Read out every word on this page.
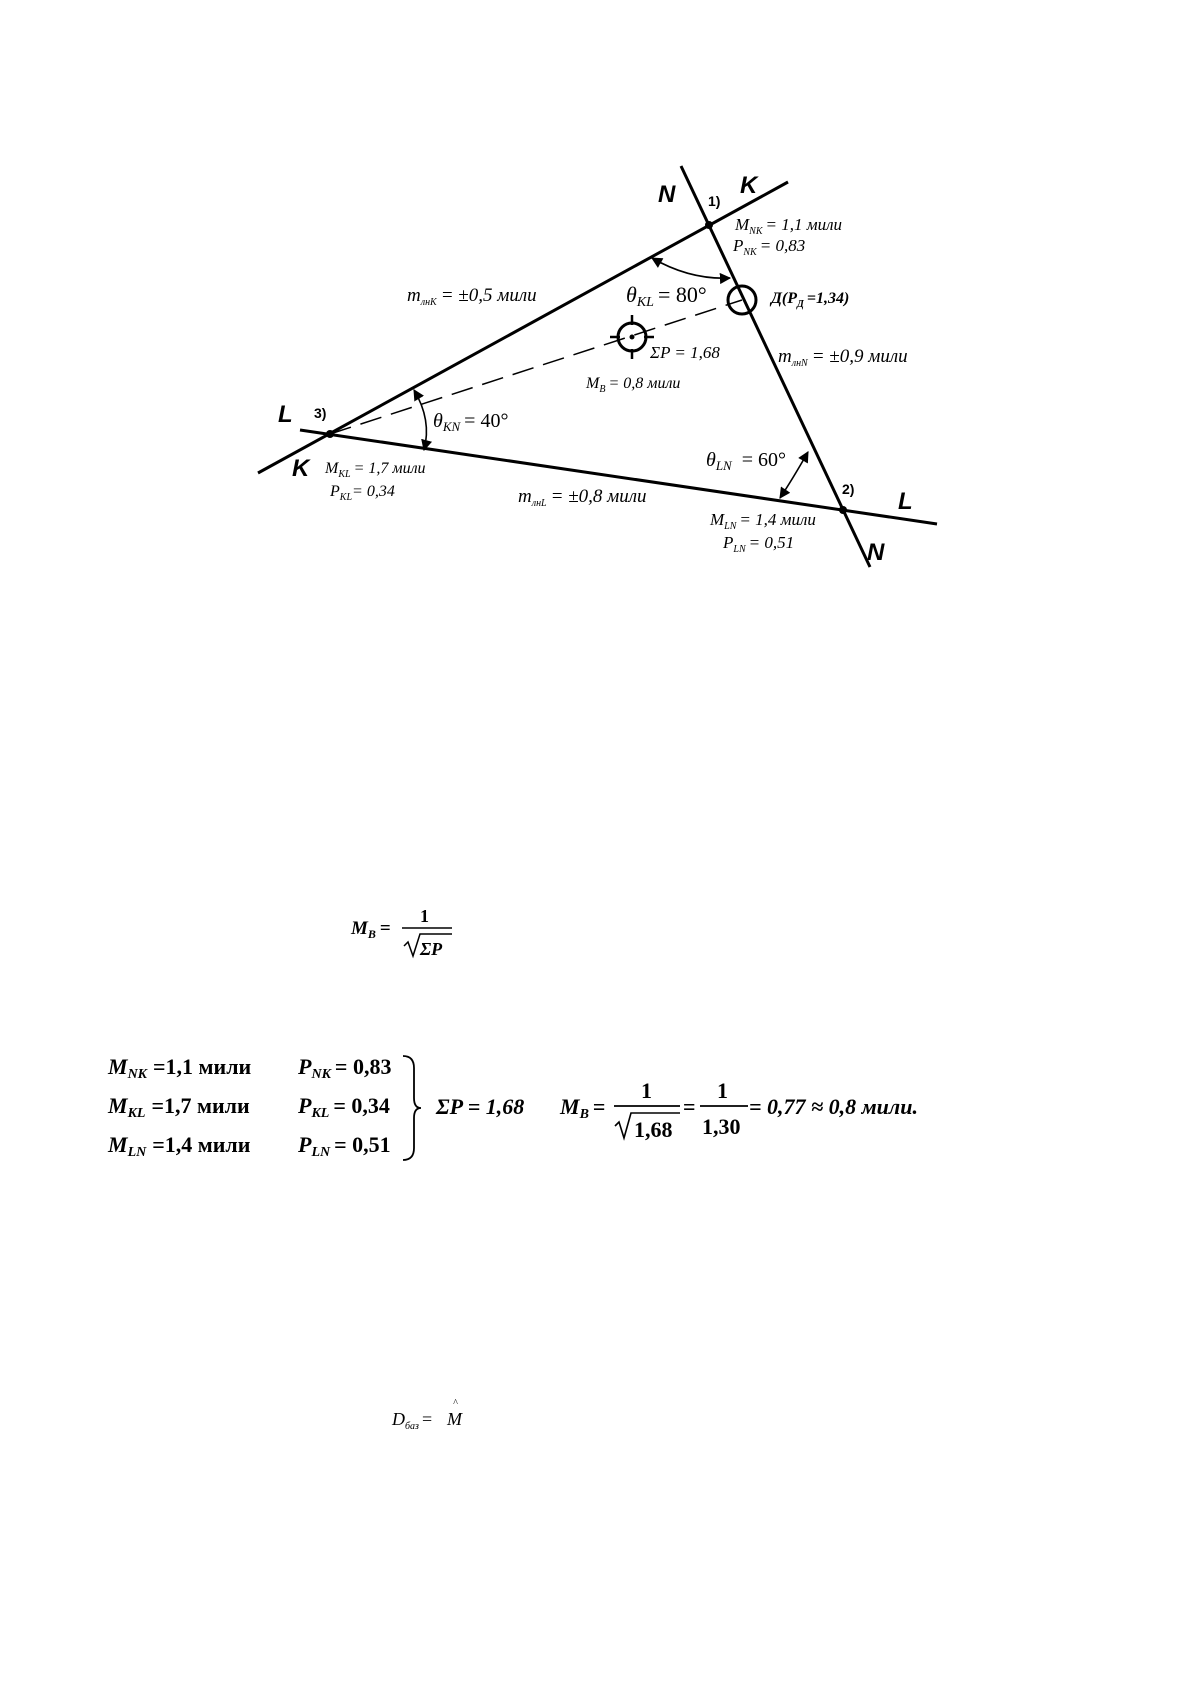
N	K
L
K
L
N
1)
2)
3)
$M_{NK} = 1,1$ мили
$P_{NK} = 0,83$
$m_{лнK} = \pm 0,5$ мили	θKL = 80°	$Д(Р_Д =1,34)$
ΣP = 1,68	$m_{лнN} = \pm 0,9$ мили
$M_В = 0,8$ мили
$\theta_{KN} = 40^\circ$
$M_{KL} = 1,7$ мили
$P_{KL}= 0,34$	$m_{лнL} = \pm 0,8$ мили
$\theta_{LN} = 60^\circ$
$M_{LN} = 1,4$ мили
$P_{LN} = 0,51$
$M_В$ =
1
ΣP
MNK =1,1 мили PNK = 0,83
MKL =1,7 мили PKL = 0,34
MLN =1,4 мили PLN = 0,51
ΣP = 1,68 MB =
1
1,68
=
1
1,30
= 0,77 ≈ 0,8 мили.
$D_{баз} = M$
^
